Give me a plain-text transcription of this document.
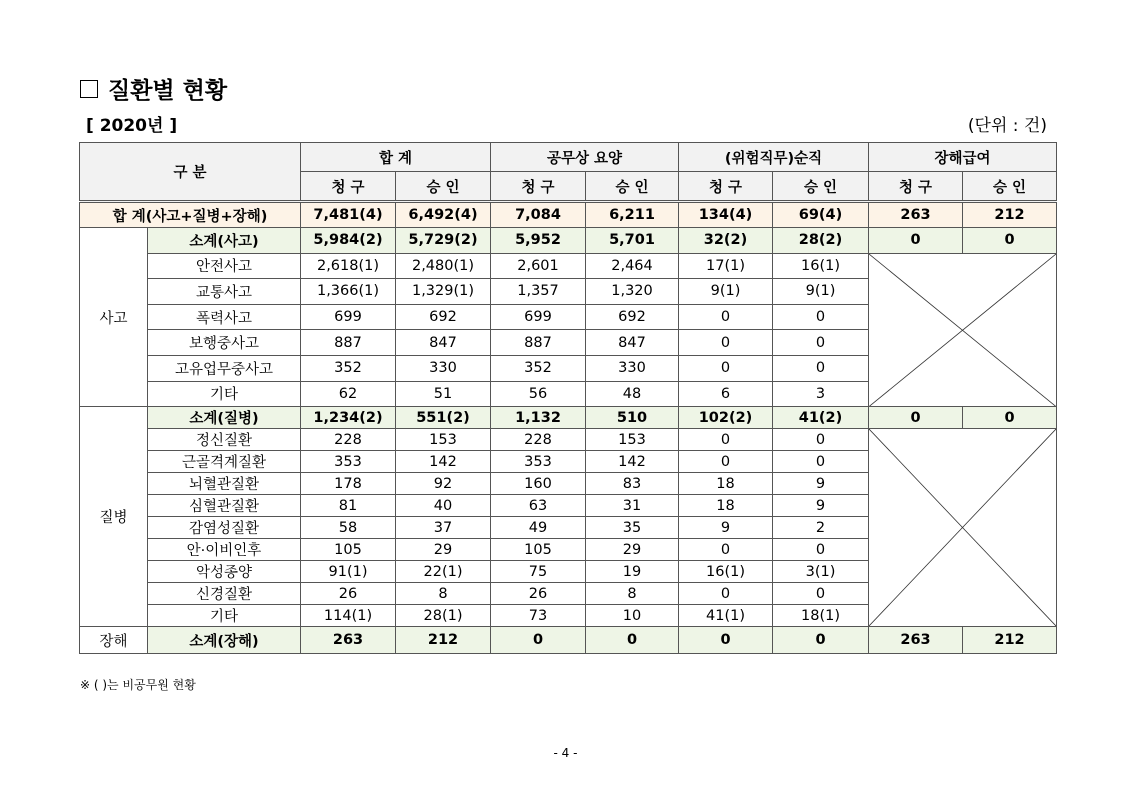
질환별 현황
[ 2020년 ]	(단위 : 건)
구 분		합 계		공무상 요양		(위험직무)순직		장해급여	
		청 구	승 인	청 구	승 인	청 구	승 인	청 구	승 인
합 계(사고+질병+장해)		7,481(4)	6,492(4)	7,084	6,211	134(4)	69(4)	263	212
사고	소계(사고)	5,984(2)	5,729(2)	5,952	5,701	32(2)	28(2)	0	0
	안전사고	2,618(1)	2,480(1)	2,601	2,464	17(1)	16(1)	

	교통사고	1,366(1)	1,329(1)	1,357	1,320	9(1)	9(1)		
	폭력사고	699	692	699	692	0	0		
	보행중사고	887	847	887	847	0	0		
	고유업무중사고	352	330	352	330	0	0		
	기타	62	51	56	48	6	3		
질병	소계(질병)	1,234(2)	551(2)	1,132	510	102(2)	41(2)	0	0
	정신질환	228	153	228	153	0	0	

	근골격계질환	353	142	353	142	0	0		
	뇌혈관질환	178	92	160	83	18	9		
	심혈관질환	81	40	63	31	18	9		
	감염성질환	58	37	49	35	9	2		
	안·이비인후	105	29	105	29	0	0		
	악성종양	91(1)	22(1)	75	19	16(1)	3(1)		
	신경질환	26	8	26	8	0	0		
	기타	114(1)	28(1)	73	10	41(1)	18(1)		
장해	소계(장해)	263	212	0	0	0	0	263	212
※ ( )는 비공무원 현황
- 4 -
